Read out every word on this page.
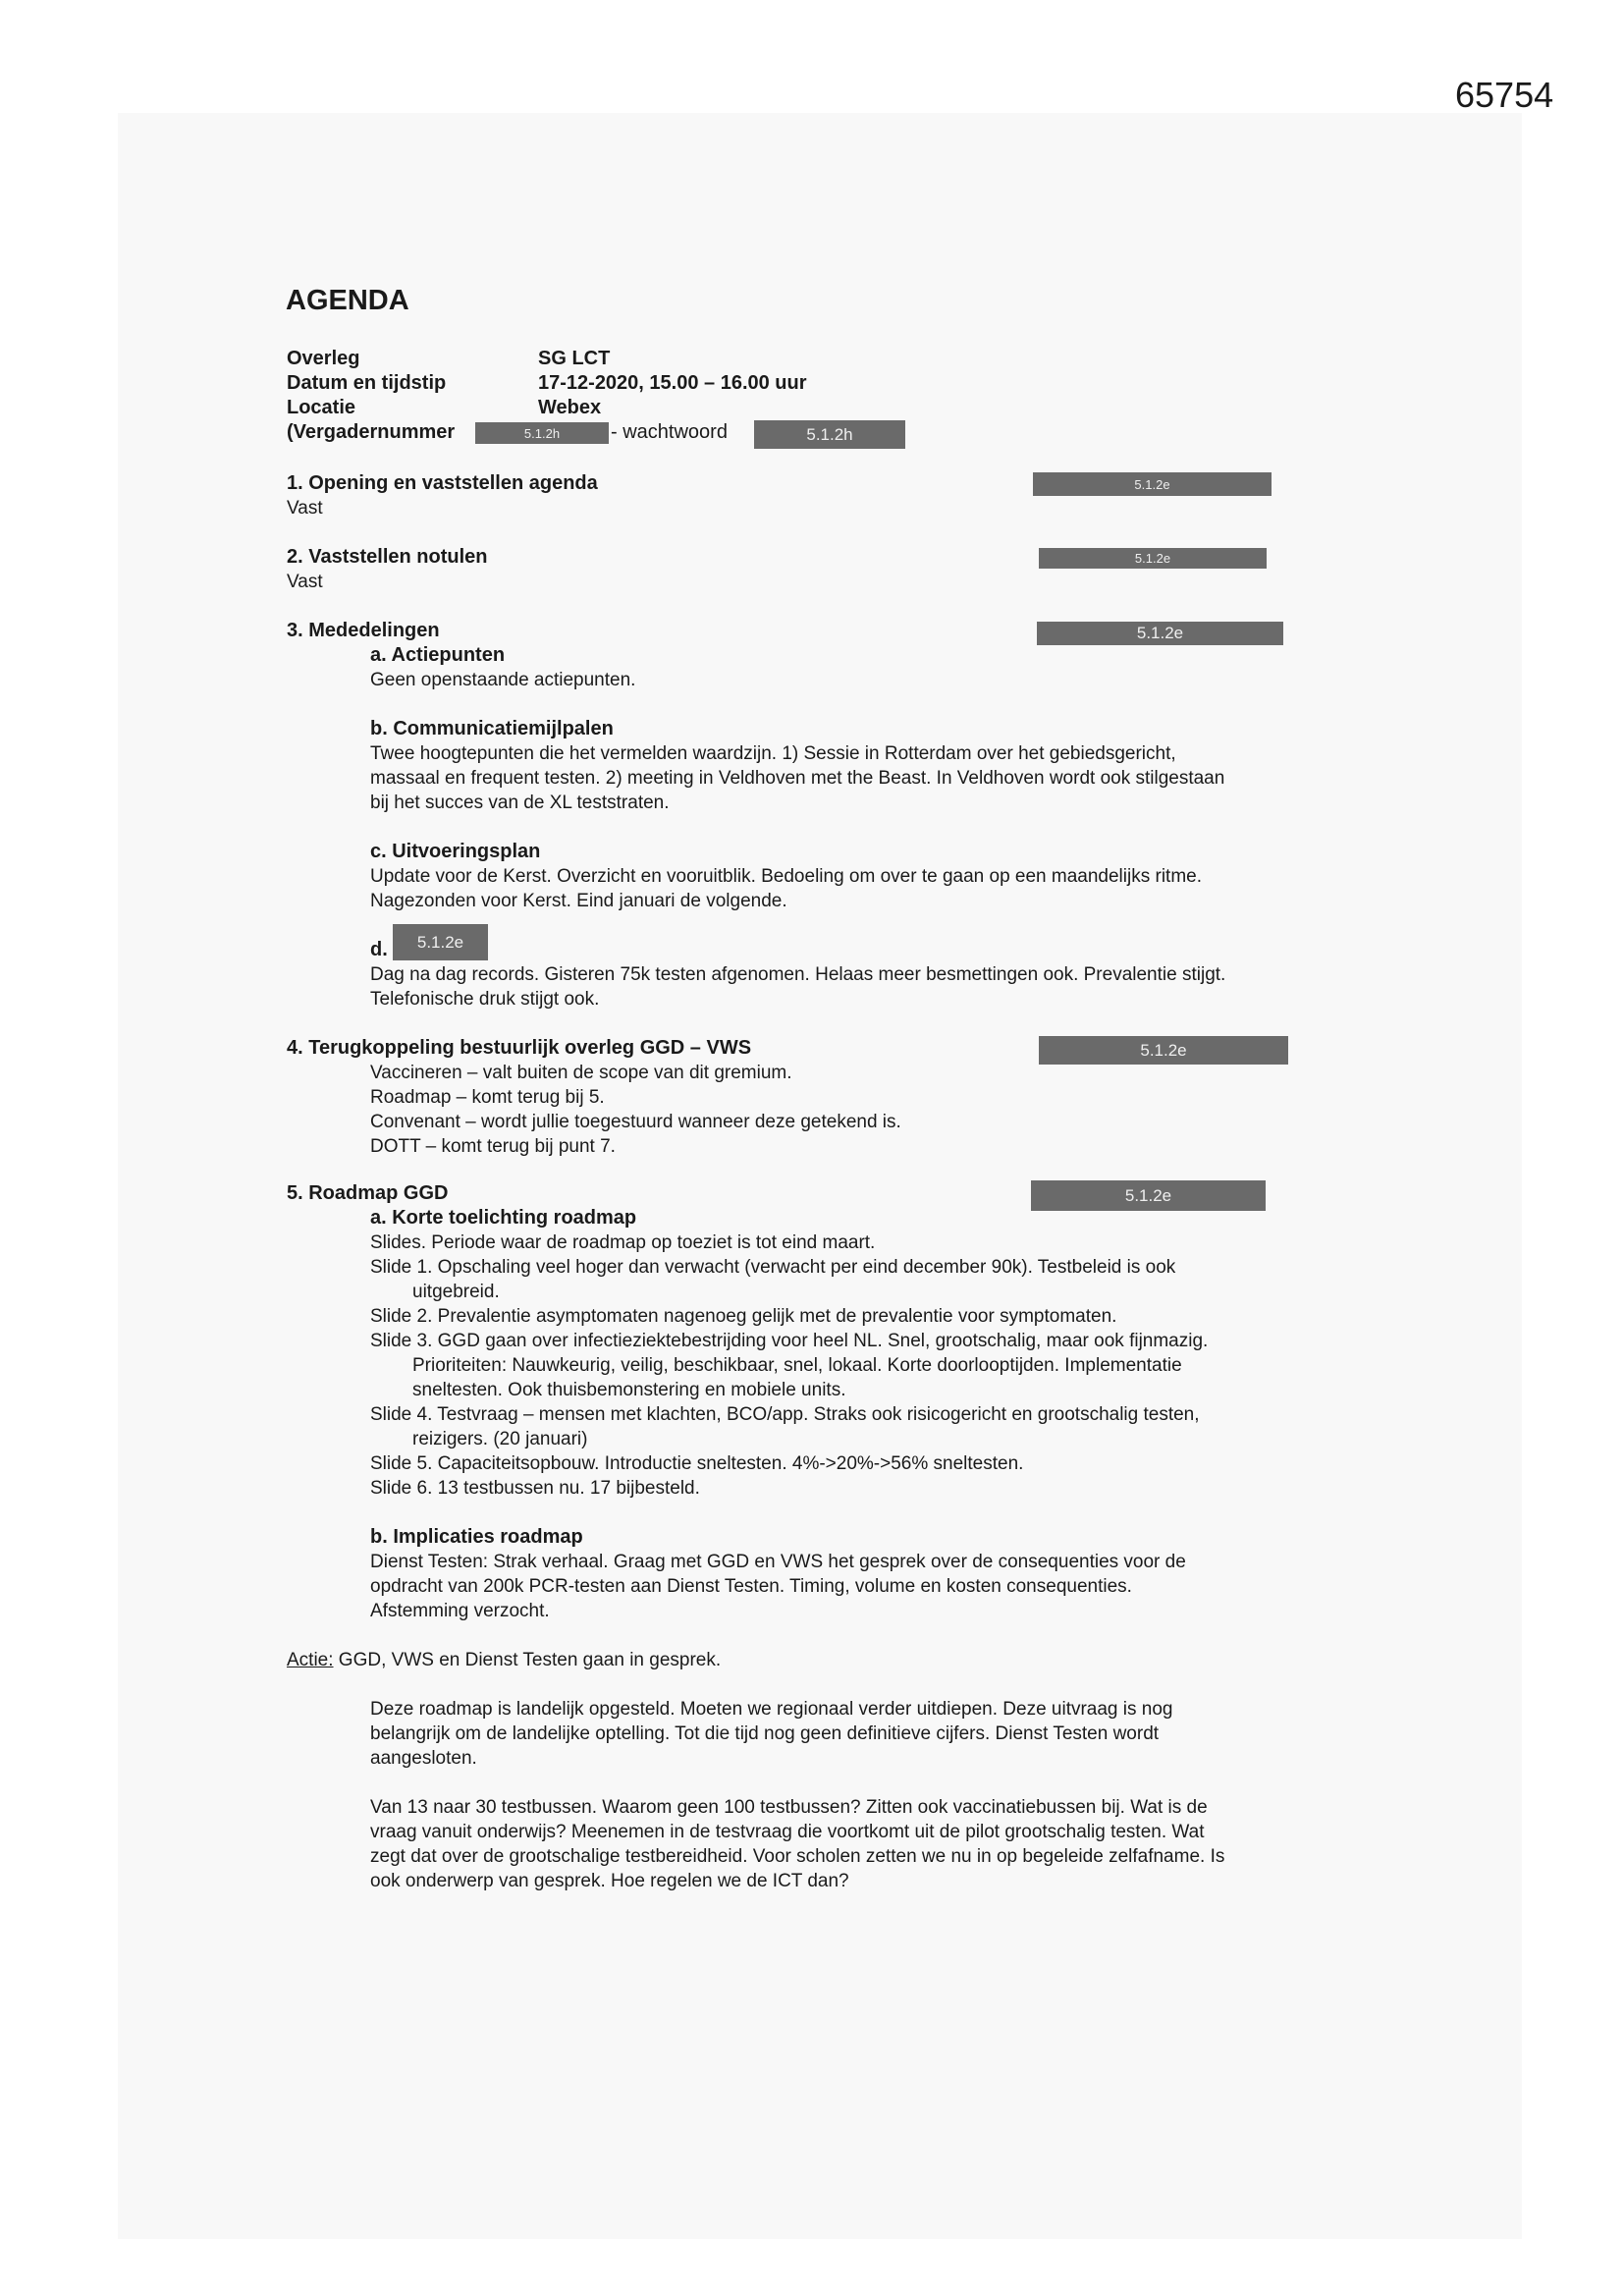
65754
AGENDA
Overleg	SG LCT
Datum en tijdstip	17-12-2020, 15.00 – 16.00 uur
Locatie	Webex
(Vergadernummer	5.1.2h	- wachtwoord	5.1.2h
1. Opening en vaststellen agenda	5.1.2e
Vast
2. Vaststellen notulen	5.1.2e
Vast
3. Mededelingen	5.1.2e
a. Actiepunten
Geen openstaande actiepunten.
b. Communicatiemijlpalen
Twee hoogtepunten die het vermelden waardzijn. 1) Sessie in Rotterdam over het gebiedsgericht,
massaal en frequent testen. 2) meeting in Veldhoven met the Beast. In Veldhoven wordt ook stilgestaan
bij het succes van de XL teststraten.
c. Uitvoeringsplan
Update voor de Kerst. Overzicht en vooruitblik. Bedoeling om over te gaan op een maandelijks ritme.
Nagezonden voor Kerst. Eind januari de volgende.
d.	5.1.2e
Dag na dag records. Gisteren 75k testen afgenomen. Helaas meer besmettingen ook. Prevalentie stijgt.
Telefonische druk stijgt ook.
4. Terugkoppeling bestuurlijk overleg GGD – VWS	5.1.2e
Vaccineren – valt buiten de scope van dit gremium.
Roadmap – komt terug bij 5.
Convenant – wordt jullie toegestuurd wanneer deze getekend is.
DOTT – komt terug bij punt 7.
5. Roadmap GGD	5.1.2e
a. Korte toelichting roadmap
Slides. Periode waar de roadmap op toeziet is tot eind maart.
Slide 1. Opschaling veel hoger dan verwacht (verwacht per eind december 90k). Testbeleid is ook
uitgebreid.
Slide 2. Prevalentie asymptomaten nagenoeg gelijk met de prevalentie voor symptomaten.
Slide 3. GGD gaan over infectieziektebestrijding voor heel NL. Snel, grootschalig, maar ook fijnmazig.
Prioriteiten: Nauwkeurig, veilig, beschikbaar, snel, lokaal. Korte doorlooptijden. Implementatie
sneltesten. Ook thuisbemonstering en mobiele units.
Slide 4. Testvraag – mensen met klachten, BCO/app. Straks ook risicogericht en grootschalig testen,
reizigers. (20 januari)
Slide 5. Capaciteitsopbouw. Introductie sneltesten. 4%->20%->56% sneltesten.
Slide 6. 13 testbussen nu. 17 bijbesteld.
b. Implicaties roadmap
Dienst Testen: Strak verhaal. Graag met GGD en VWS het gesprek over de consequenties voor de
opdracht van 200k PCR-testen aan Dienst Testen. Timing, volume en kosten consequenties.
Afstemming verzocht.
Actie: GGD, VWS en Dienst Testen gaan in gesprek.
Deze roadmap is landelijk opgesteld. Moeten we regionaal verder uitdiepen. Deze uitvraag is nog
belangrijk om de landelijke optelling. Tot die tijd nog geen definitieve cijfers. Dienst Testen wordt
aangesloten.
Van 13 naar 30 testbussen. Waarom geen 100 testbussen? Zitten ook vaccinatiebussen bij. Wat is de
vraag vanuit onderwijs? Meenemen in de testvraag die voortkomt uit de pilot grootschalig testen. Wat
zegt dat over de grootschalige testbereidheid. Voor scholen zetten we nu in op begeleide zelfafname. Is
ook onderwerp van gesprek. Hoe regelen we de ICT dan?
